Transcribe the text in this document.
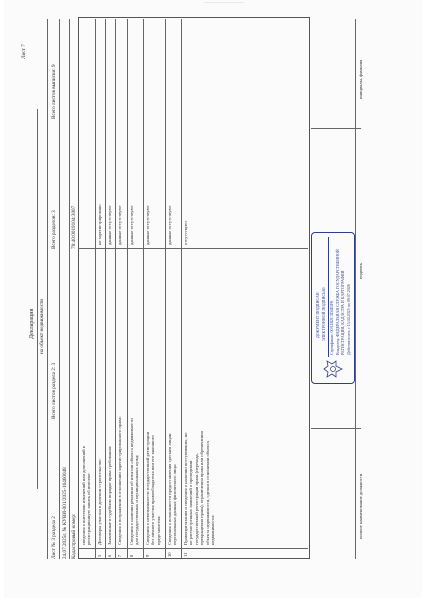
Лист 7
Декларация на объект недвижимости
Лист № 3 раздела 2
Всего листов раздела 2: 3
Всего разделов: 3
Всего листов выписки: 9
24.07.2025г. № КУВИ-001/2025-16460048 Кадастровый номер:
78:40:0019104:3007
сведения о внесении изменений или дополнений в
регистрационную запись об ипотеке:
5
Договоры участия в долевом строительстве:
не зарегистрировано
6
Заявленные в судебном порядке права требования:
данные отсутствуют
7
Сведения о возражении в отношении зарегистрированного права:
данные отсутствуют
8
Сведения о наличии решения об изъятии объекта недвижимости
для государственных и муниципальных нужд:
данные отсутствуют
9
Сведения о невозможности государственной регистрации
без личного участия правообладателя или его законного
представителя:
данные отсутствуют
10
Сведения о возможности предоставления третьим лицам
персональных данных физического лица:
данные отсутствуют
11
Правопритязания и сведения о наличии поступивших, но
не рассмотренных заявлений о проведении
государственной регистрации права (перехода,
прекращения права), ограничения права или обременения
объекта недвижимости, сделки в отношении объекта
недвижимости:
отсутствуют
полное наименование должности
подпись
инициалы, фамилия
ДОКУМЕНТ ПОДПИСАН ЭЛЕКТРОННОЙ ПОДПИСЬЮ Сертификат: 00A1B2C3D4E5F6 Владелец: ФЕДЕРАЛЬНАЯ СЛУЖБА ГОСУДАРСТВЕННОЙ РЕГИСТРАЦИИ, КАДАСТРА И КАРТОГРАФИИ Действителен: с 15.04.2025 по 09.07.2026
